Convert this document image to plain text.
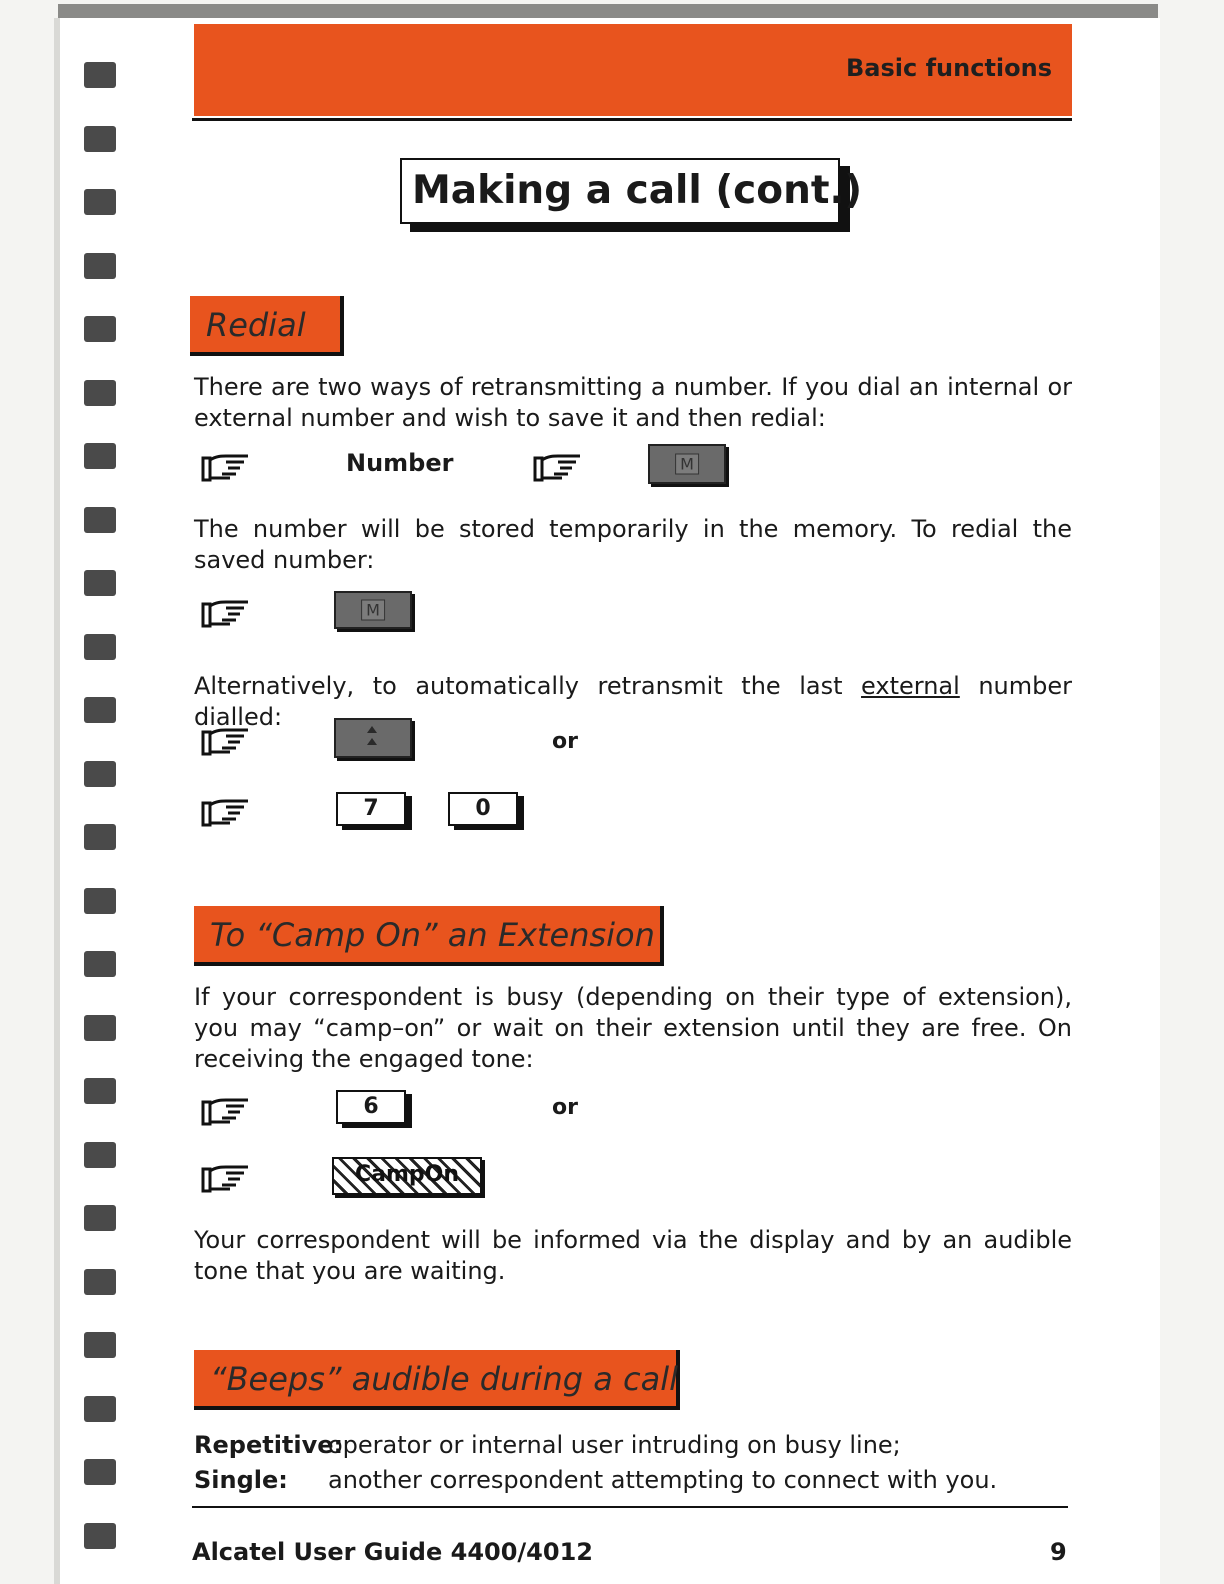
Basic functions
Making a call (cont.)
Redial
There are two ways of retransmitting a number. If you dial an internal or external number and wish to save it and then redial:
Number	M
The number will be stored temporarily in the memory. To redial the saved number:
M
Alternatively, to automatically retransmit the last external number dialled:
or
7	0
To “Camp On” an Extension
If your correspondent is busy (depending on their type of extension), you may “camp–on” or wait on their extension until they are free. On receiving the engaged tone:
6	or
CampOn
Your correspondent will be informed via the display and by an audible tone that you are waiting.
“Beeps” audible during a call
Repetitive:operator or internal user intruding on busy line;
Single: another correspondent attempting to connect with you.
Alcatel User Guide 4400/4012	9
